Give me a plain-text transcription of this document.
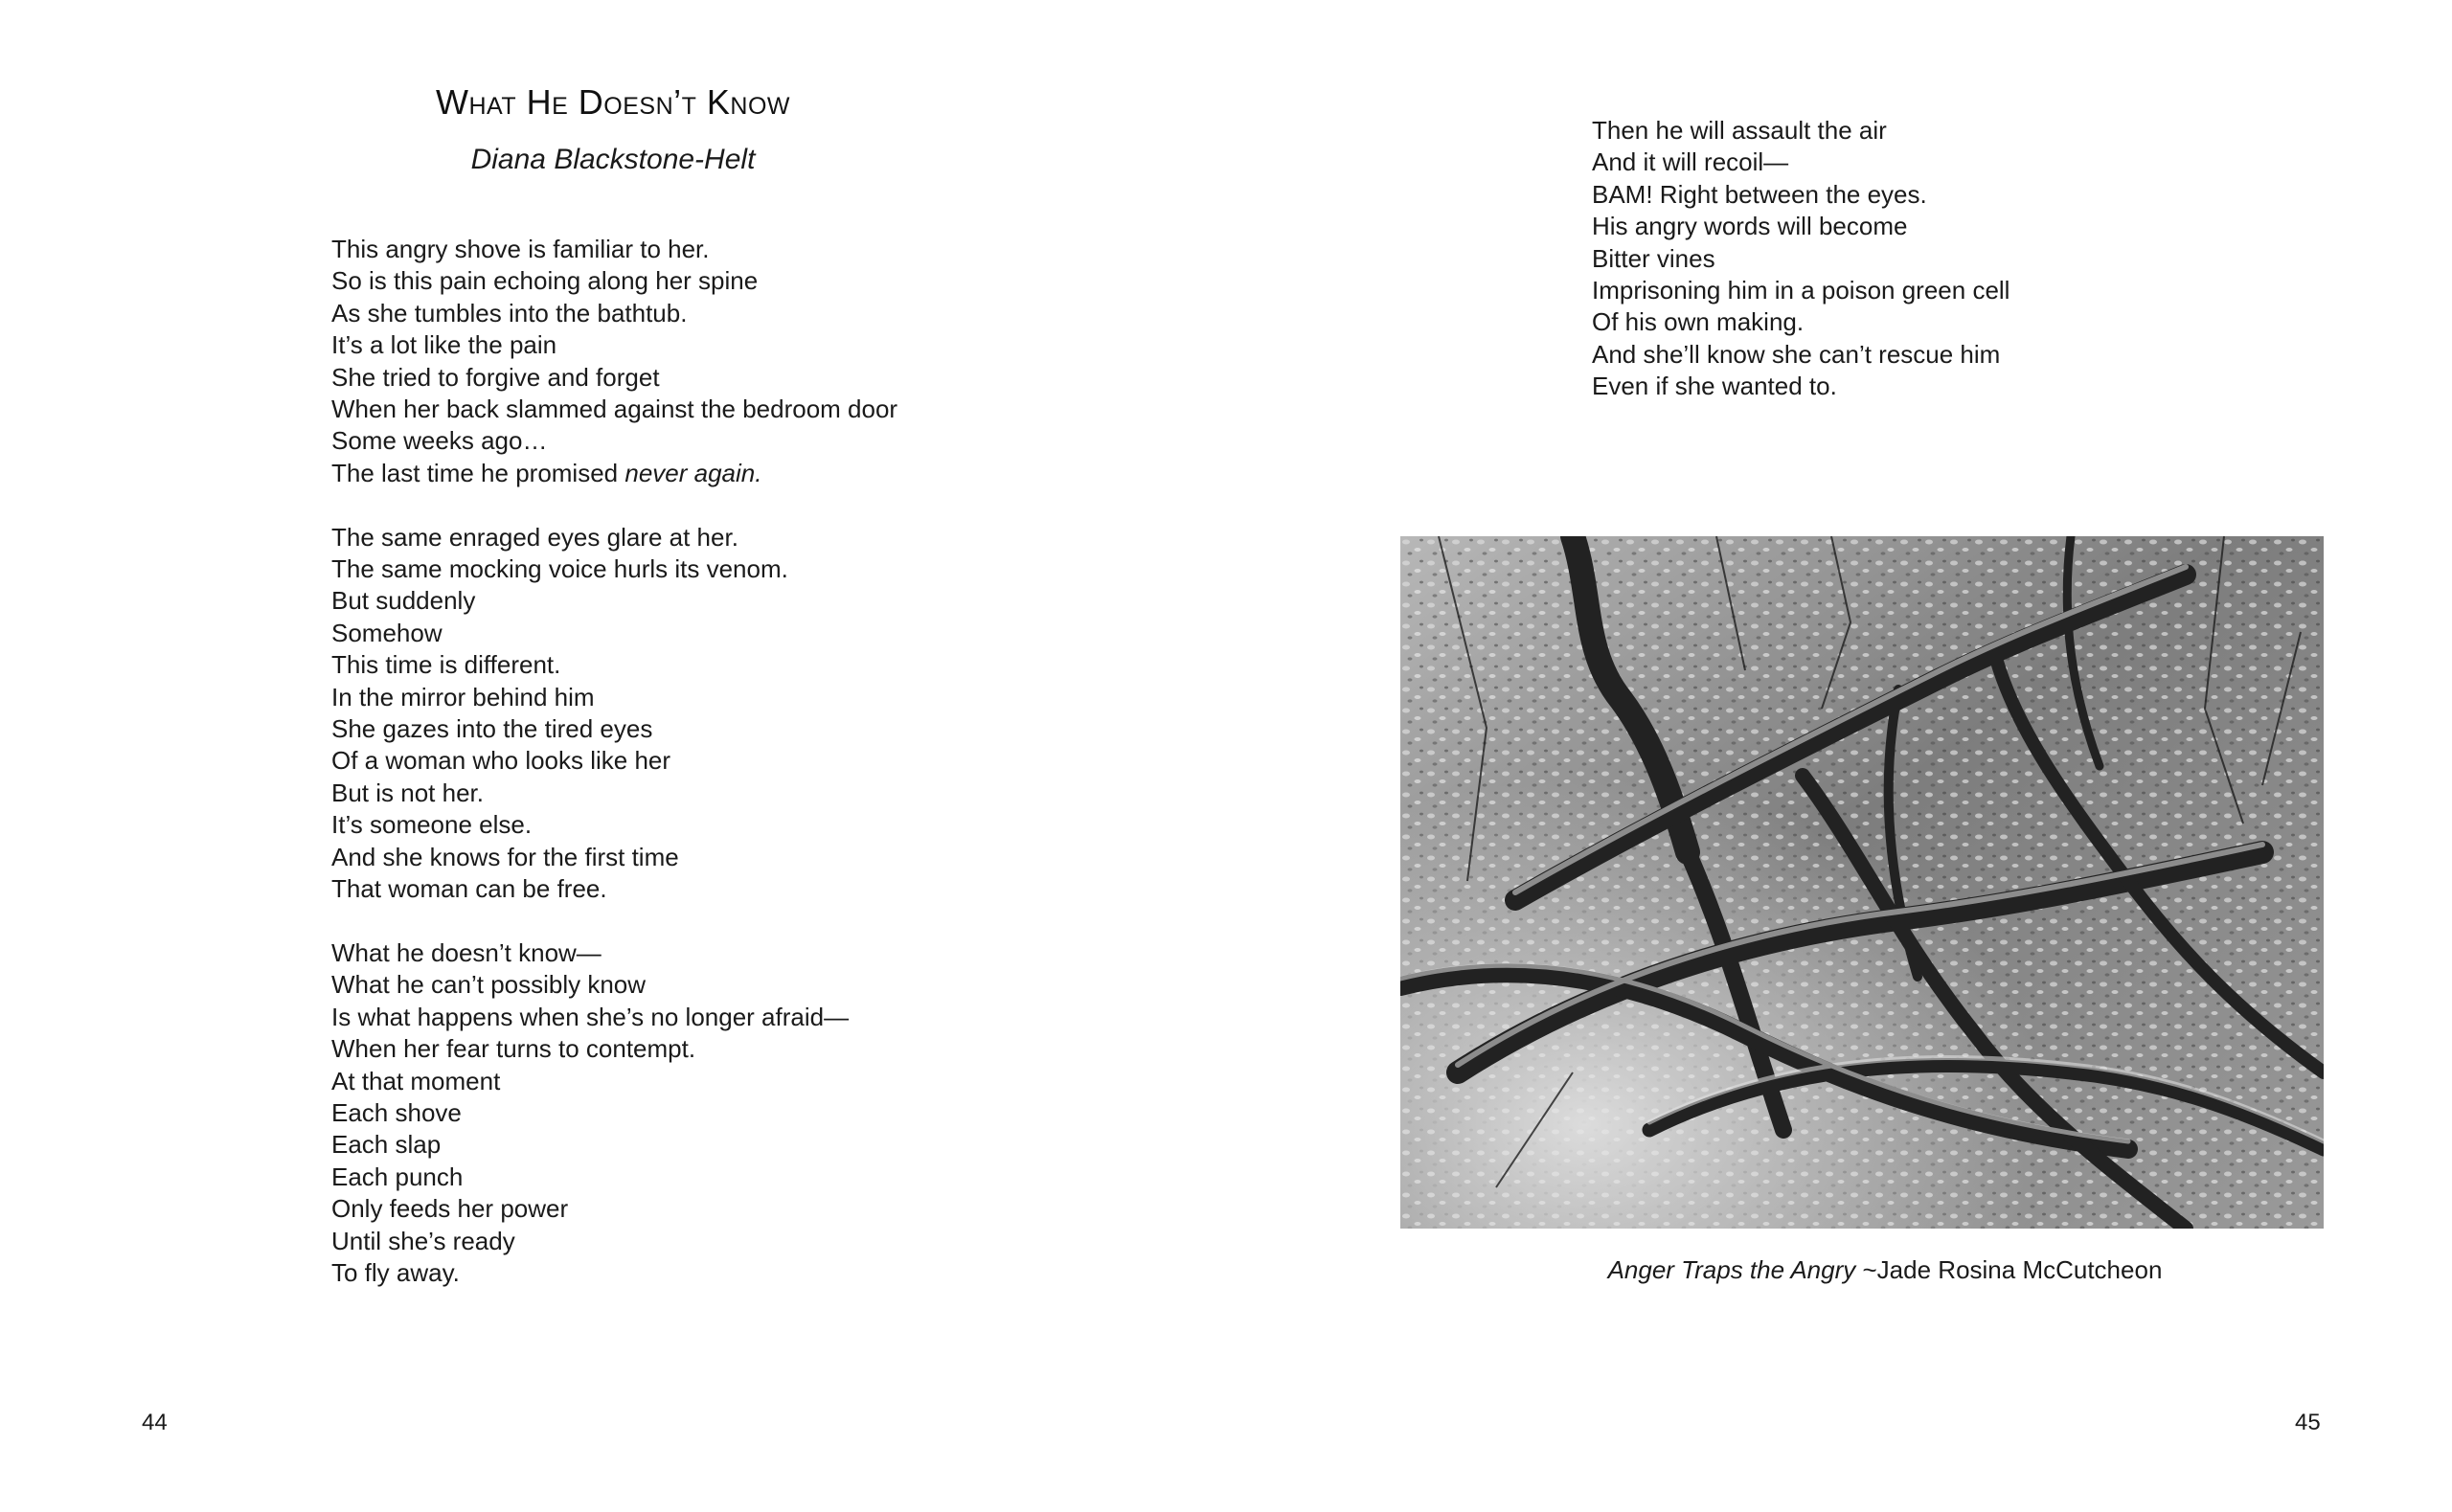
What He Doesn’t Know
Diana Blackstone-Helt
This angry shove is familiar to her.
So is this pain echoing along her spine
As she tumbles into the bathtub.
It’s a lot like the pain
She tried to forgive and forget
When her back slammed against the bedroom door
Some weeks ago…
The last time he promised never again.
The same enraged eyes glare at her.
The same mocking voice hurls its venom.
But suddenly
Somehow
This time is different.
In the mirror behind him
She gazes into the tired eyes
Of a woman who looks like her
But is not her.
It’s someone else.
And she knows for the first time
That woman can be free.
What he doesn’t know—
What he can’t possibly know
Is what happens when she’s no longer afraid—
When her fear turns to contempt.
At that moment
Each shove
Each slap
Each punch
Only feeds her power
Until she’s ready
To fly away.
44
Then he will assault the air
And it will recoil—
BAM! Right between the eyes.
His angry words will become
Bitter vines
Imprisoning him in a poison green cell
Of his own making.
And she’ll know she can’t rescue him
Even if she wanted to.
Anger Traps the Angry ~Jade Rosina McCutcheon
45
